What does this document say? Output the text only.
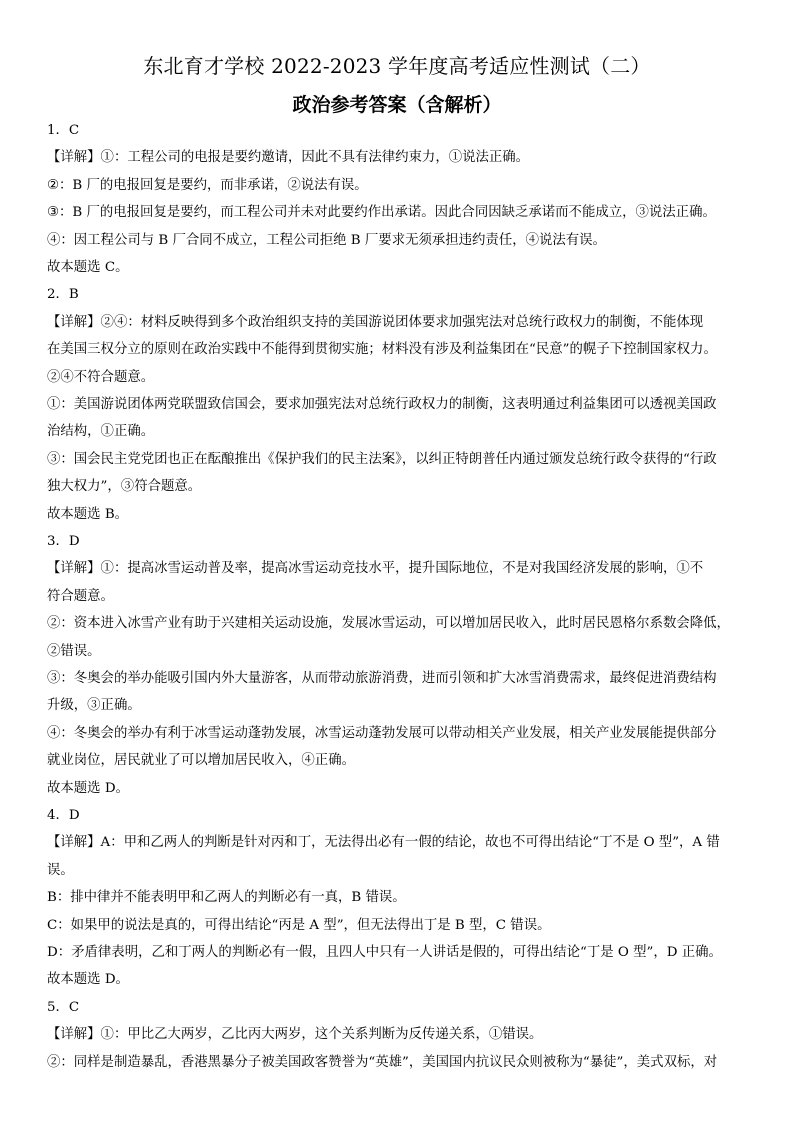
东北育才学校 2022-2023 学年度高考适应性测试（二）
政治参考答案（含解析）
1．C
【详解】①：工程公司的电报是要约邀请，因此不具有法律约束力，①说法正确。
②：B 厂的电报回复是要约，而非承诺，②说法有误。
③：B 厂的电报回复是要约，而工程公司并未对此要约作出承诺。因此合同因缺乏承诺而不能成立，③说法正确。
④：因工程公司与 B 厂合同不成立，工程公司拒绝 B 厂要求无须承担违约责任，④说法有误。
故本题选 C。
2．B
【详解】②④：材料反映得到多个政治组织支持的美国游说团体要求加强宪法对总统行政权力的制衡，不能体现
在美国三权分立的原则在政治实践中不能得到贯彻实施；材料没有涉及利益集团在“民意”的幌子下控制国家权力。
②④不符合题意。
①：美国游说团体两党联盟致信国会，要求加强宪法对总统行政权力的制衡，这表明通过利益集团可以透视美国政
治结构，①正确。
③：国会民主党党团也正在酝酿推出《保护我们的民主法案》，以纠正特朗普任内通过颁发总统行政令获得的“行政
独大权力”，③符合题意。
故本题选 B。
3．D
【详解】①：提高冰雪运动普及率，提高冰雪运动竞技水平，提升国际地位，不是对我国经济发展的影响，①不
符合题意。
②：资本进入冰雪产业有助于兴建相关运动设施，发展冰雪运动，可以增加居民收入，此时居民恩格尔系数会降低，
②错误。
③：冬奥会的举办能吸引国内外大量游客，从而带动旅游消费，进而引领和扩大冰雪消费需求，最终促进消费结构
升级，③正确。
④：冬奥会的举办有利于冰雪运动蓬勃发展，冰雪运动蓬勃发展可以带动相关产业发展，相关产业发展能提供部分
就业岗位，居民就业了可以增加居民收入，④正确。
故本题选 D。
4．D
【详解】A：甲和乙两人的判断是针对丙和丁，无法得出必有一假的结论，故也不可得出结论“丁不是 O 型”，A 错
误。
B：排中律并不能表明甲和乙两人的判断必有一真，B 错误。
C：如果甲的说法是真的，可得出结论“丙是 A 型”，但无法得出丁是 B 型，C 错误。
D：矛盾律表明，乙和丁两人的判断必有一假，且四人中只有一人讲话是假的，可得出结论“丁是 O 型”，D 正确。
故本题选 D。
5．C
【详解】①：甲比乙大两岁，乙比丙大两岁，这个关系判断为反传递关系，①错误。
②：同样是制造暴乱，香港黑暴分子被美国政客赞誉为“英雄”，美国国内抗议民众则被称为“暴徒”，美式双标，对
